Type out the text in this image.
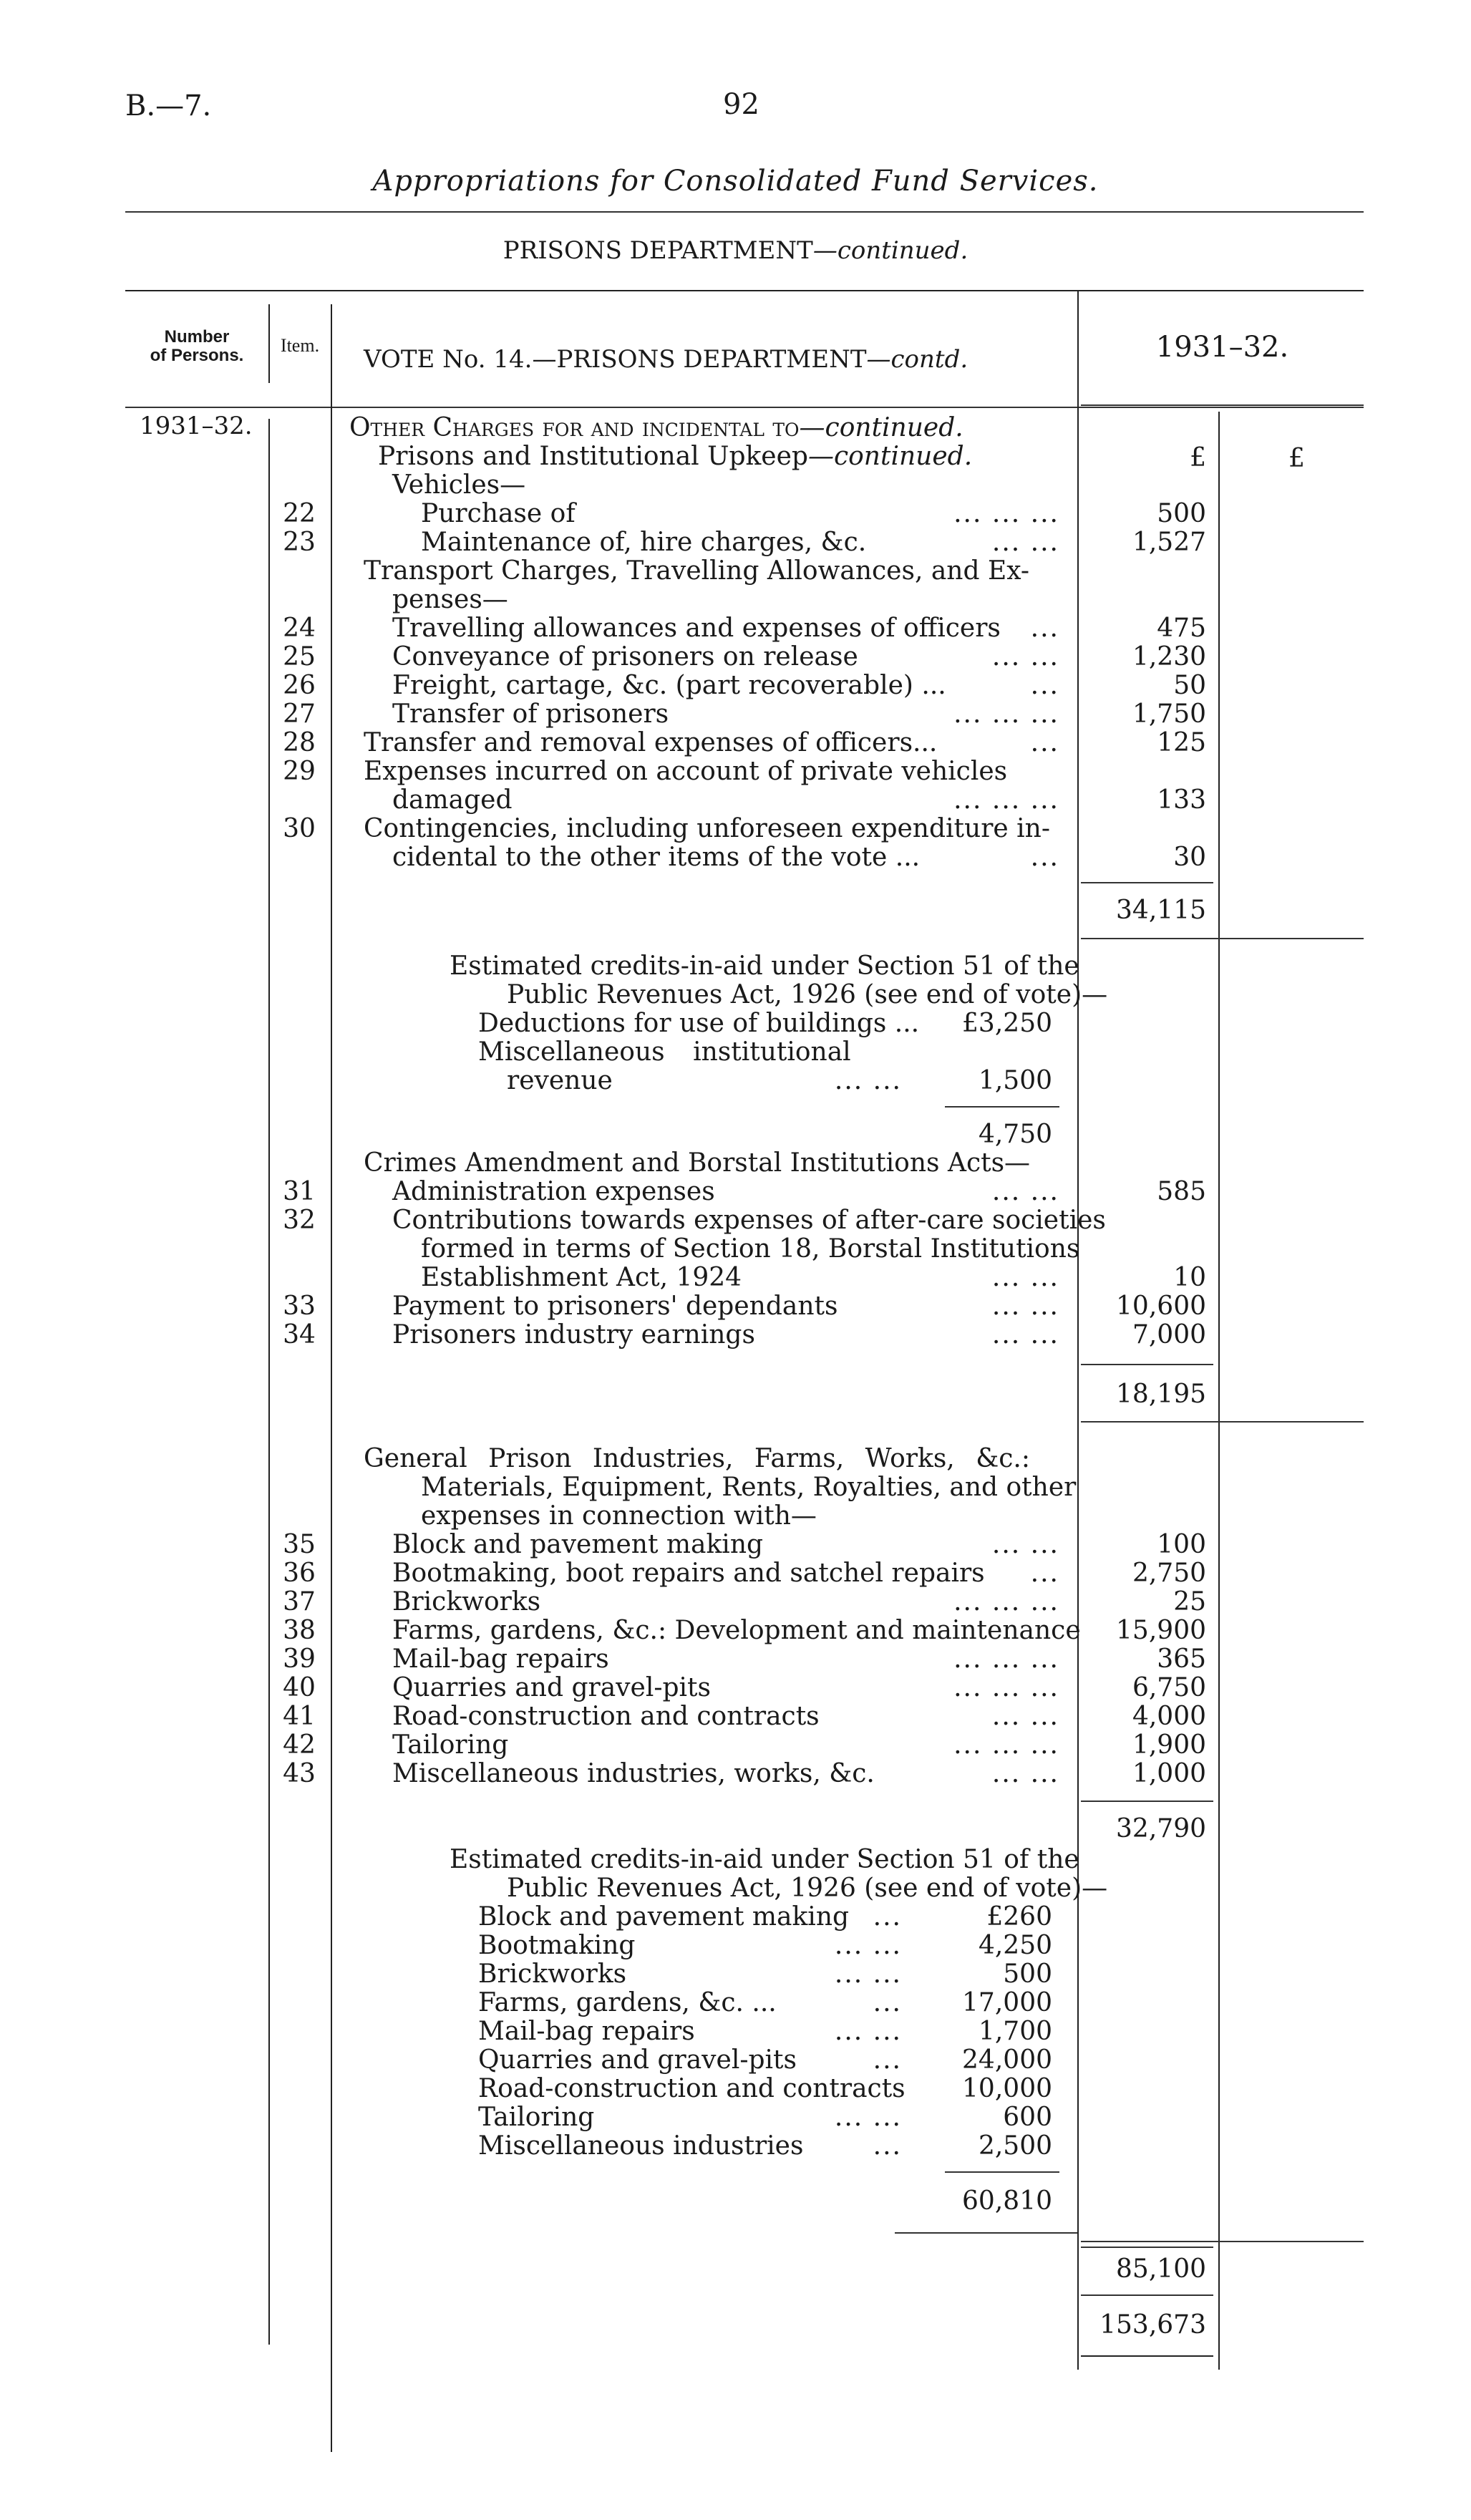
B.—7.	92
Appropriations for Consolidated Fund Services.
PRISONS DEPARTMENT—continued.
Number
of Persons.	Item.	VOTE No. 14.—PRISONS DEPARTMENT—contd.	1931–32.
1931–32.
£	£
Other Charges for and incidental to—continued.
Prisons and Institutional Upkeep—continued.
Vehicles—
22	Purchase of	... ... ...	500
23	Maintenance of, hire charges, &c.	... ...	1,527
Transport Charges, Travelling Allowances, and Ex-
penses—
24	Travelling allowances and expenses of officers	...	475
25	Conveyance of prisoners on release	... ...	1,230
26	Freight, cartage, &c. (part recoverable) ...	...	50
27	Transfer of prisoners	... ... ...	1,750
28	Transfer and removal expenses of officers...	...	125
29	Expenses incurred on account of private vehicles
damaged	... ... ...	133
30	Contingencies, including unforeseen expenditure in-
cidental to the other items of the vote ...	...	30
34,115
Estimated credits-in-aid under Section 51 of the
Public Revenues Act, 1926 (see end of vote)—
Deductions for use of buildings ...	£3,250
Miscellaneous institutional
revenue	... ...	1,500
4,750
Crimes Amendment and Borstal Institutions Acts—
31	Administration expenses	... ...	585
32	Contributions towards expenses of after-care societies
formed in terms of Section 18, Borstal Institutions
Establishment Act, 1924	... ...	10
33	Payment to prisoners' dependants	... ...	10,600
34	Prisoners industry earnings	... ...	7,000
18,195
General Prison Industries, Farms, Works, &c.:
Materials, Equipment, Rents, Royalties, and other
expenses in connection with—
35	Block and pavement making	... ...	100
36	Bootmaking, boot repairs and satchel repairs	...	2,750
37	Brickworks	... ... ...	25
38	Farms, gardens, &c.: Development and maintenance	15,900
39	Mail-bag repairs	... ... ...	365
40	Quarries and gravel-pits	... ... ...	6,750
41	Road-construction and contracts	... ...	4,000
42	Tailoring	... ... ...	1,900
43	Miscellaneous industries, works, &c.	... ...	1,000
32,790
Estimated credits-in-aid under Section 51 of the
Public Revenues Act, 1926 (see end of vote)—
Block and pavement making ...	£260
Bootmaking	... ...	4,250
Brickworks	... ...	500
Farms, gardens, &c. ...	...	17,000
Mail-bag repairs	... ...	1,700
Quarries and gravel-pits	...	24,000
Road-construction and contracts	10,000
Tailoring	... ...	600
Miscellaneous industries	...	2,500
60,810
85,100
153,673
